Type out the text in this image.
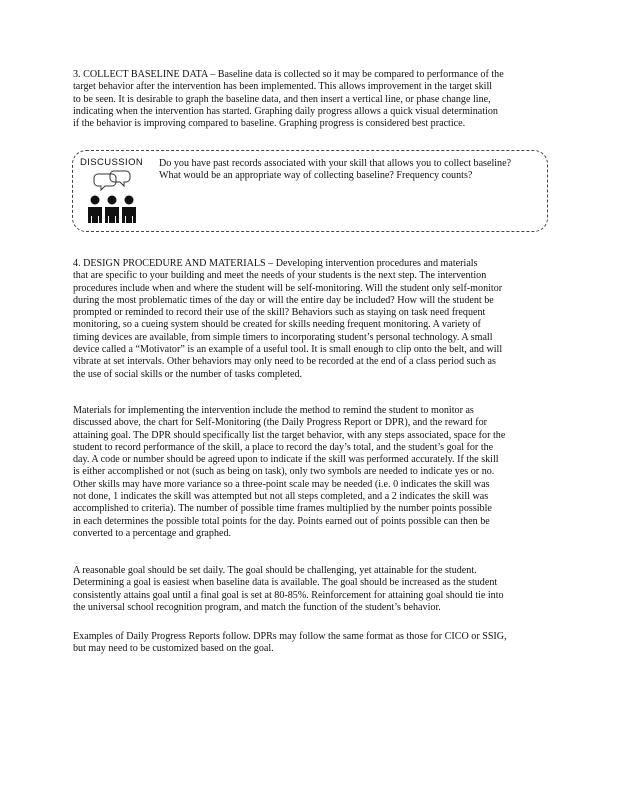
3. COLLECT BASELINE DATA – Baseline data is collected so it may be compared to performance of the
target behavior after the intervention has been implemented. This allows improvement in the target skill
to be seen. It is desirable to graph the baseline data, and then insert a vertical line, or phase change line,
indicating when the intervention has started. Graphing daily progress allows a quick visual determination
if the behavior is improving compared to baseline. Graphing progress is considered best practice.
DISCUSSION Do you have past records associated with your skill that allows you to collect baseline?
What would be an appropriate way of collecting baseline? Frequency counts?
4. DESIGN PROCEDURE AND MATERIALS – Developing intervention procedures and materials
that are specific to your building and meet the needs of your students is the next step. The intervention
procedures include when and where the student will be self-monitoring. Will the student only self-monitor
during the most problematic times of the day or will the entire day be included? How will the student be
prompted or reminded to record their use of the skill? Behaviors such as staying on task need frequent
monitoring, so a cueing system should be created for skills needing frequent monitoring. A variety of
timing devices are available, from simple timers to incorporating student’s personal technology. A small
device called a “Motivator” is an example of a useful tool. It is small enough to clip onto the belt, and will
vibrate at set intervals. Other behaviors may only need to be recorded at the end of a class period such as
the use of social skills or the number of tasks completed.
Materials for implementing the intervention include the method to remind the student to monitor as
discussed above, the chart for Self-Monitoring (the Daily Progress Report or DPR), and the reward for
attaining goal. The DPR should specifically list the target behavior, with any steps associated, space for the
student to record performance of the skill, a place to record the day’s total, and the student’s goal for the
day. A code or number should be agreed upon to indicate if the skill was performed accurately. If the skill
is either accomplished or not (such as being on task), only two symbols are needed to indicate yes or no.
Other skills may have more variance so a three-point scale may be needed (i.e. 0 indicates the skill was
not done, 1 indicates the skill was attempted but not all steps completed, and a 2 indicates the skill was
accomplished to criteria). The number of possible time frames multiplied by the number points possible
in each determines the possible total points for the day. Points earned out of points possible can then be
converted to a percentage and graphed.
A reasonable goal should be set daily. The goal should be challenging, yet attainable for the student.
Determining a goal is easiest when baseline data is available. The goal should be increased as the student
consistently attains goal until a final goal is set at 80-85%. Reinforcement for attaining goal should tie into
the universal school recognition program, and match the function of the student’s behavior.
Examples of Daily Progress Reports follow. DPRs may follow the same format as those for CICO or SSIG,
but may need to be customized based on the goal.
